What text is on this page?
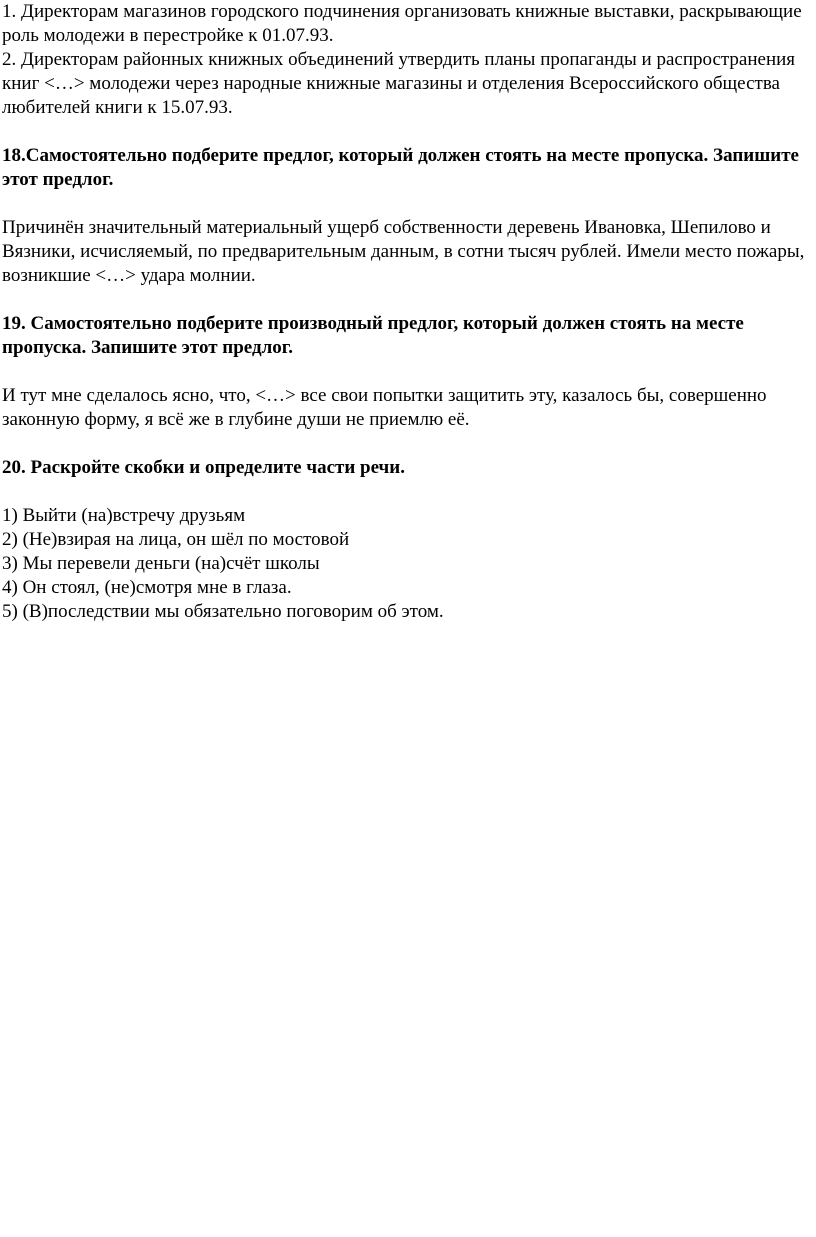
1. Директорам магазинов городского подчинения организовать книжные выставки, раскрывающие роль молодежи в перестройке к 01.07.93.

2. Директорам районных книжных объединений утвердить планы пропаганды и распространения книг <…> молодежи через народные книжные магазины и отделения Всероссийского общества любителей книги к 15.07.93.

18.Самостоятельно подберите предлог, который должен стоять на месте пропуска. Запишите этот предлог.

Причинён значительный материальный ущерб собственности деревень Ивановка, Шепилово и Вязники, исчисляемый, по предварительным данным, в сотни тысяч рублей. Имели место пожары, возникшие <…> удара молнии.

19. Самостоятельно подберите производный предлог, который должен стоять на месте пропуска. Запишите этот предлог.

И тут мне сделалось ясно, что, <…> все свои попытки защитить эту, казалось бы, совершенно законную форму, я всё же в глубине души не приемлю её.

20. Раскройте скобки и определите части речи.

1) Выйти (на)встречу друзьям
2) (Не)взирая на лица, он шёл по мостовой
3) Мы перевели деньги (на)счёт школы
4) Он стоял, (не)смотря мне в глаза.
5) (В)последствии мы обязательно поговорим об этом.
